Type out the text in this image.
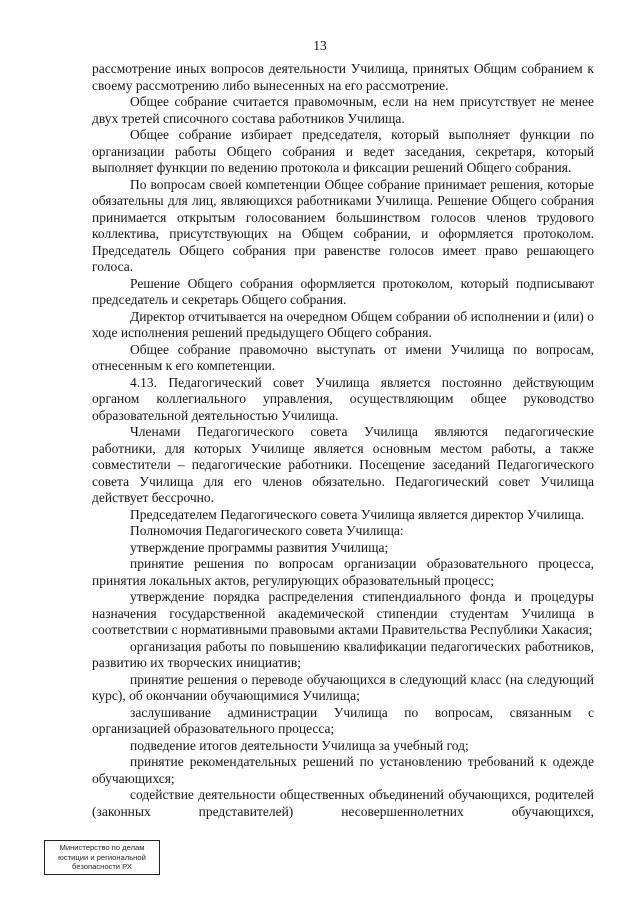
13

рассмотрение иных вопросов деятельности Училища, принятых Общим собранием к своему рассмотрению либо вынесенных на его рассмотрение.

Общее собрание считается правомочным, если на нем присутствует не менее двух третей списочного состава работников Училища.

Общее собрание избирает председателя, который выполняет функции по организации работы Общего собрания и ведет заседания, секретаря, который выполняет функции по ведению протокола и фиксации решений Общего собрания.

По вопросам своей компетенции Общее собрание принимает решения, которые обязательны для лиц, являющихся работниками Училища. Решение Общего собрания принимается открытым голосованием большинством голосов членов трудового коллектива, присутствующих на Общем собрании, и оформляется протоколом. Председатель Общего собрания при равенстве голосов имеет право решающего голоса.

Решение Общего собрания оформляется протоколом, который подписывают председатель и секретарь Общего собрания.

Директор отчитывается на очередном Общем собрании об исполнении и (или) о ходе исполнения решений предыдущего Общего собрания.

Общее собрание правомочно выступать от имени Училища по вопросам, отнесенным к его компетенции.

4.13. Педагогический совет Училища является постоянно действующим органом коллегиального управления, осуществляющим общее руководство образовательной деятельностью Училища.

Членами Педагогического совета Училища являются педагогические работники, для которых Училище является основным местом работы, а также совместители – педагогические работники. Посещение заседаний Педагогического совета Училища для его членов обязательно. Педагогический совет Училища действует бессрочно.

Председателем Педагогического совета Училища является директор Училища.

Полномочия Педагогического совета Училища:

утверждение программы развития Училища;

принятие решения по вопросам организации образовательного процесса, принятия локальных актов, регулирующих образовательный процесс;

утверждение порядка распределения стипендиального фонда и процедуры назначения государственной академической стипендии студентам Училища в соответствии с нормативными правовыми актами Правительства Республики Хакасия;

организация работы по повышению квалификации педагогических работников, развитию их творческих инициатив;

принятие решения о переводе обучающихся в следующий класс (на следующий курс), об окончании обучающимися Училища;

заслушивание администрации Училища по вопросам, связанным с организацией образовательного процесса;

подведение итогов деятельности Училища за учебный год;

принятие рекомендательных решений по установлению требований к одежде обучающихся;

содействие деятельности общественных объединений обучающихся, родителей (законных представителей) несовершеннолетних обучающихся,

Министерство по делам
юстиции и региональной
безопасности РХ
